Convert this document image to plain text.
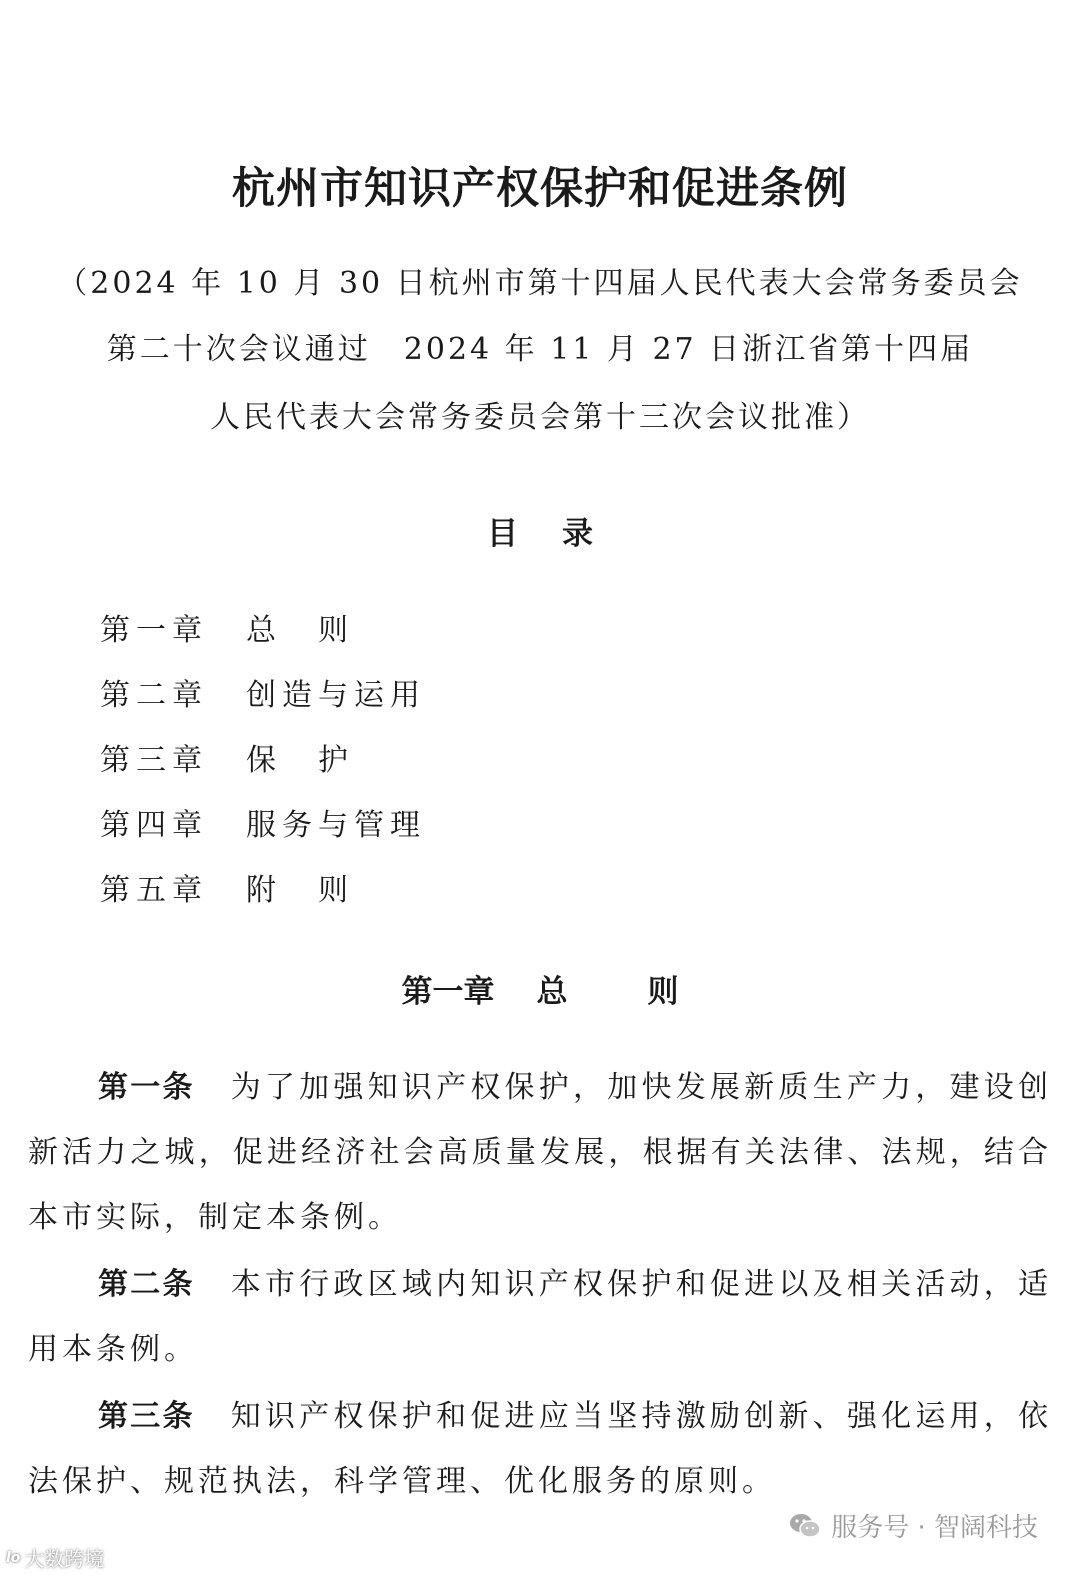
杭州市知识产权保护和促进条例
（2024 年 10 月 30 日杭州市第十四届人民代表大会常务委员会
第二十次会议通过　2024 年 11 月 27 日浙江省第十四届
人民代表大会常务委员会第十三次会议批准）
目 录
第一章	总　则
第二章	创造与运用
第三章	保　护
第四章	服务与管理
第五章	附　则
第一章 总则

第一条 为了加强知识产权保护，加快发展新质生产力，建设创新活力之城，促进经济社会高质量发展，根据有关法律、法规，结合本市实际，制定本条例。

第二条 本市行政区域内知识产权保护和促进以及相关活动，适用本条例。

第三条 知识产权保护和促进应当坚持激励创新、强化运用，依法保护、规范执法，科学管理、优化服务的原则。

lo 大数跨境
服务号 · 智阔科技
